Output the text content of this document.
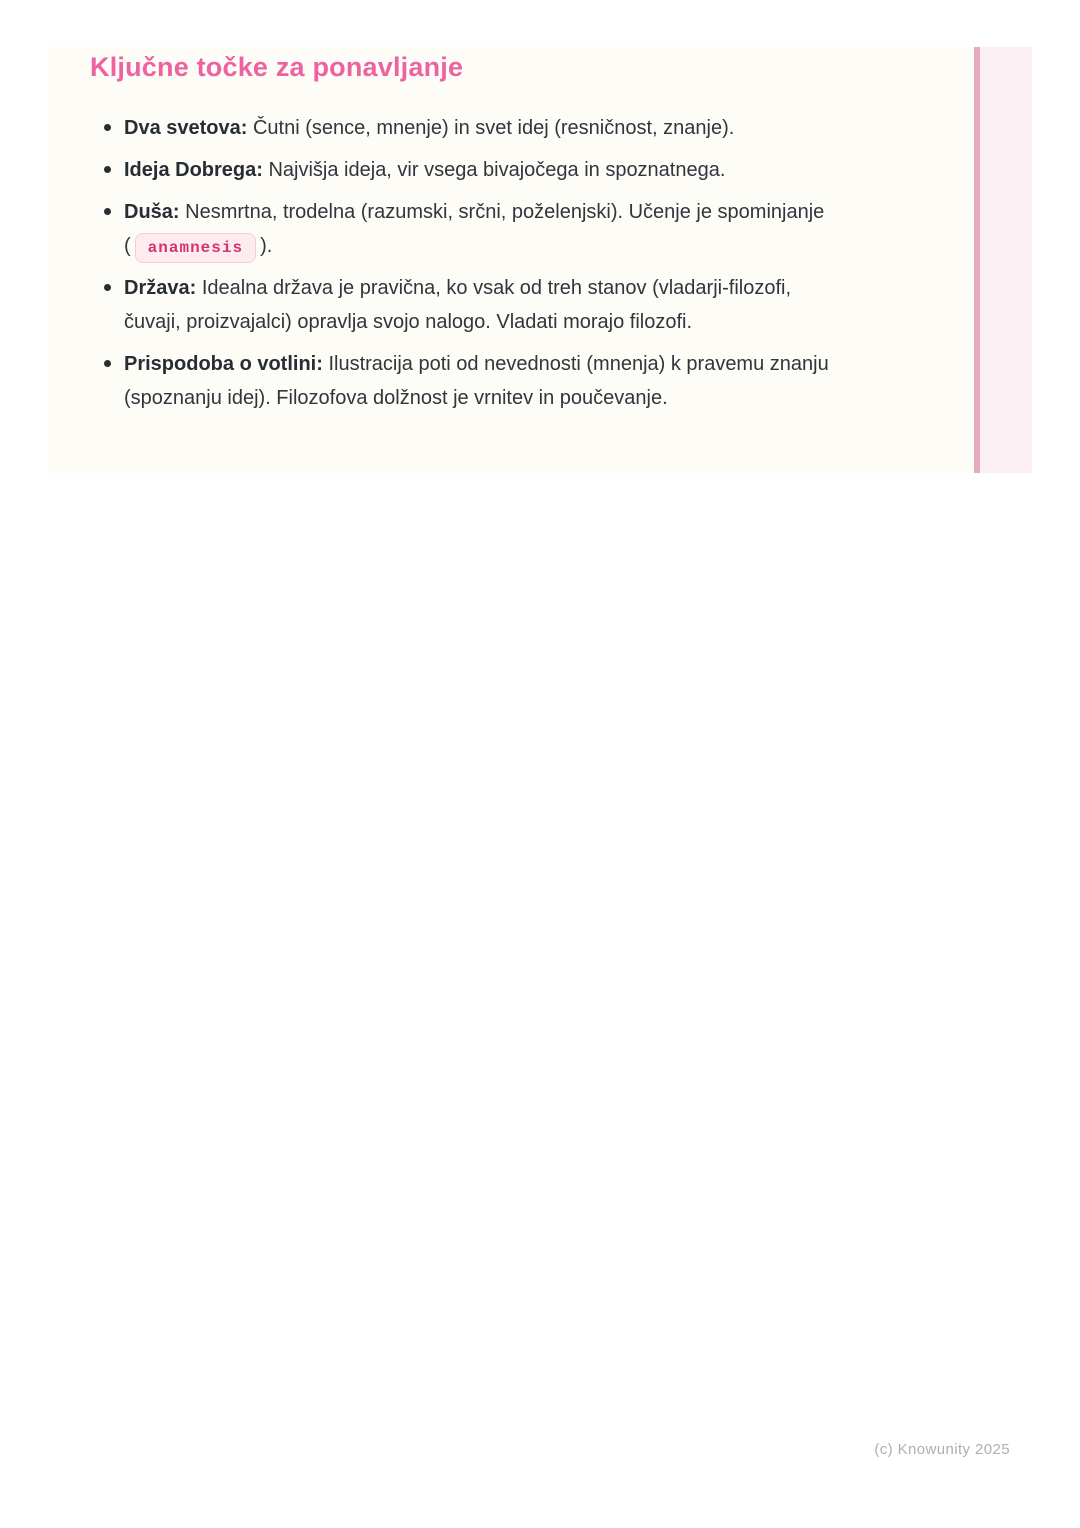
Ključne točke za ponavljanje
Dva svetova: Čutni (sence, mnenje) in svet idej (resničnost, znanje).
Ideja Dobrega: Najvišja ideja, vir vsega bivajočega in spoznatnega.
Duša: Nesmrtna, trodelna (razumski, srčni, poželenjski). Učenje je spominjanje ( anamnesis ).
Država: Idealna država je pravična, ko vsak od treh stanov (vladarji-filozofi, čuvaji, proizvajalci) opravlja svojo nalogo. Vladati morajo filozofi.
Prispodoba o votlini: Ilustracija poti od nevednosti (mnenja) k pravemu znanju (spoznanju idej). Filozofova dolžnost je vrnitev in poučevanje.
(c) Knowunity 2025
